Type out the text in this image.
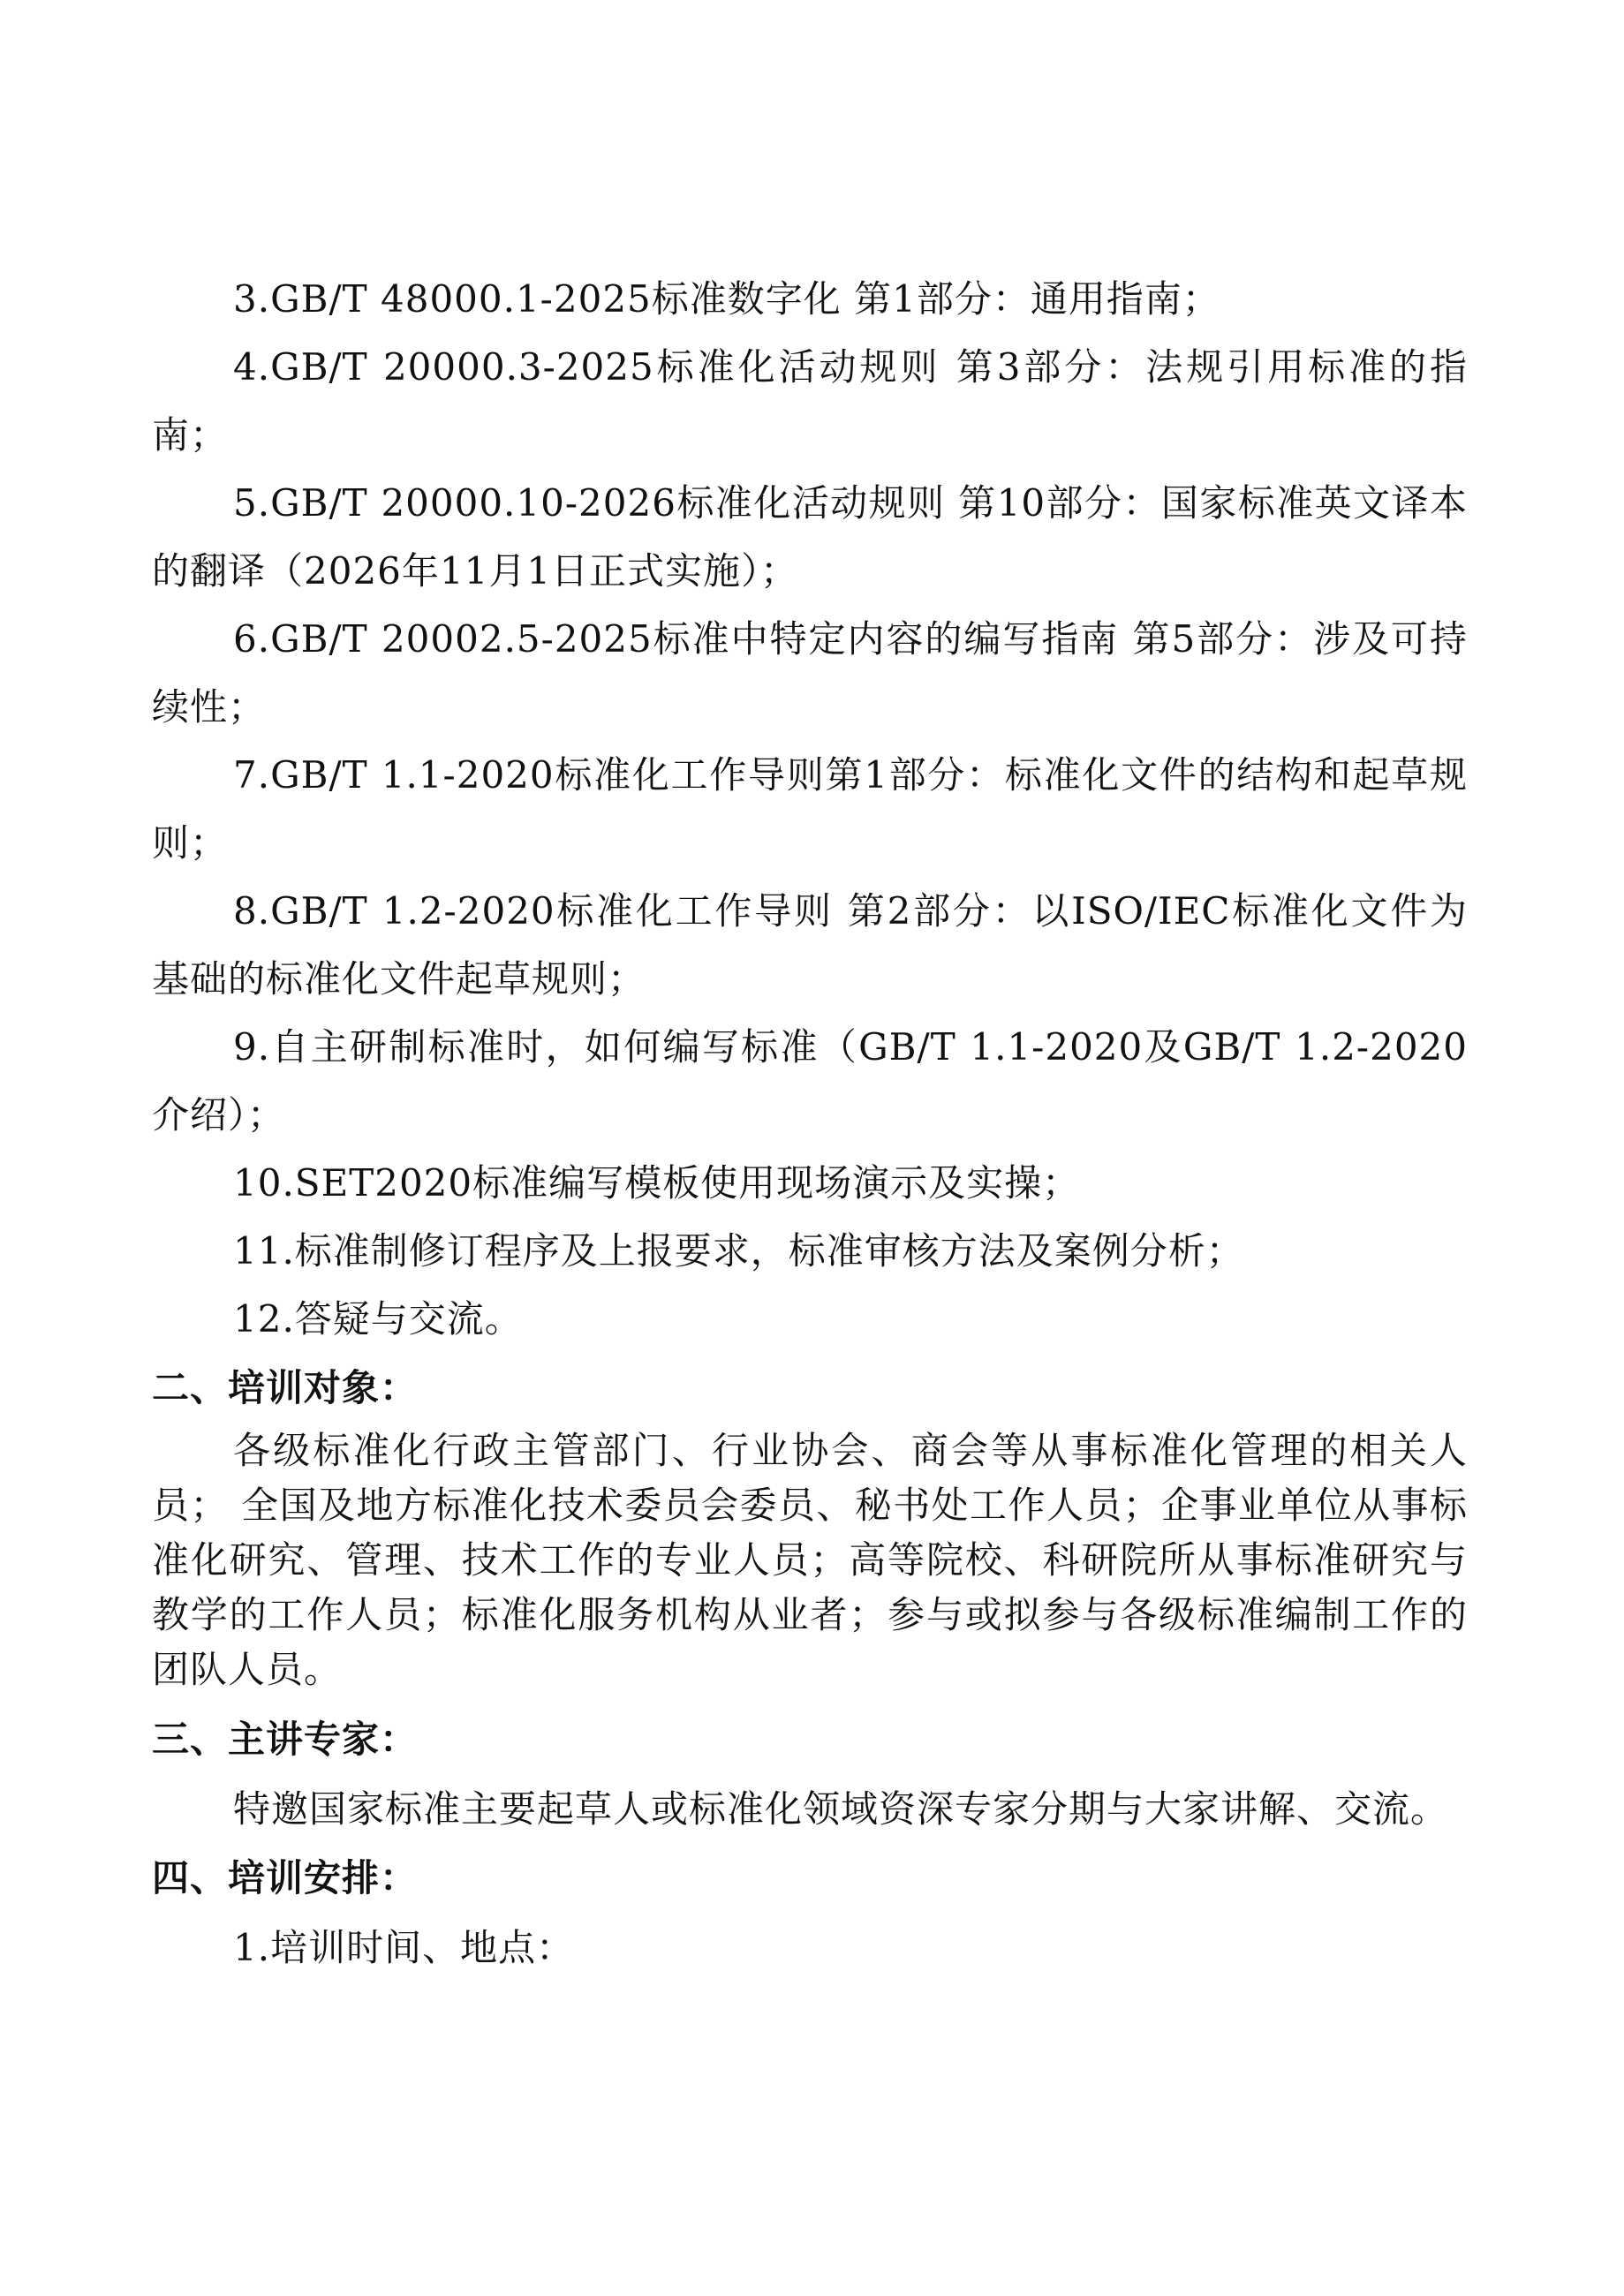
3.GB/T 48000.1-2025标准数字化 第1部分：通用指南；

4.GB/T 20000.3-2025标准化活动规则 第3部分：法规引用标准的指南；

5.GB/T 20000.10-2026标准化活动规则 第10部分：国家标准英文译本的翻译（2026年11月1日正式实施）；

6.GB/T 20002.5-2025标准中特定内容的编写指南 第5部分：涉及可持续性；

7.GB/T 1.1-2020标准化工作导则第1部分：标准化文件的结构和起草规则；

8.GB/T 1.2-2020标准化工作导则 第2部分：以ISO/IEC标准化文件为基础的标准化文件起草规则；

9.自主研制标准时，如何编写标准（GB/T 1.1-2020及GB/T 1.2-2020介绍）；

10.SET2020标准编写模板使用现场演示及实操；

11.标准制修订程序及上报要求，标准审核方法及案例分析；

12.答疑与交流。

二、培训对象：

各级标准化行政主管部门、行业协会、商会等从事标准化管理的相关人员； 全国及地方标准化技术委员会委员、秘书处工作人员；企事业单位从事标准化研究、管理、技术工作的专业人员；高等院校、科研院所从事标准研究与教学的工作人员；标准化服务机构从业者；参与或拟参与各级标准编制工作的团队人员。

三、主讲专家：

特邀国家标准主要起草人或标准化领域资深专家分期与大家讲解、交流。

四、培训安排：

1.培训时间、地点：
